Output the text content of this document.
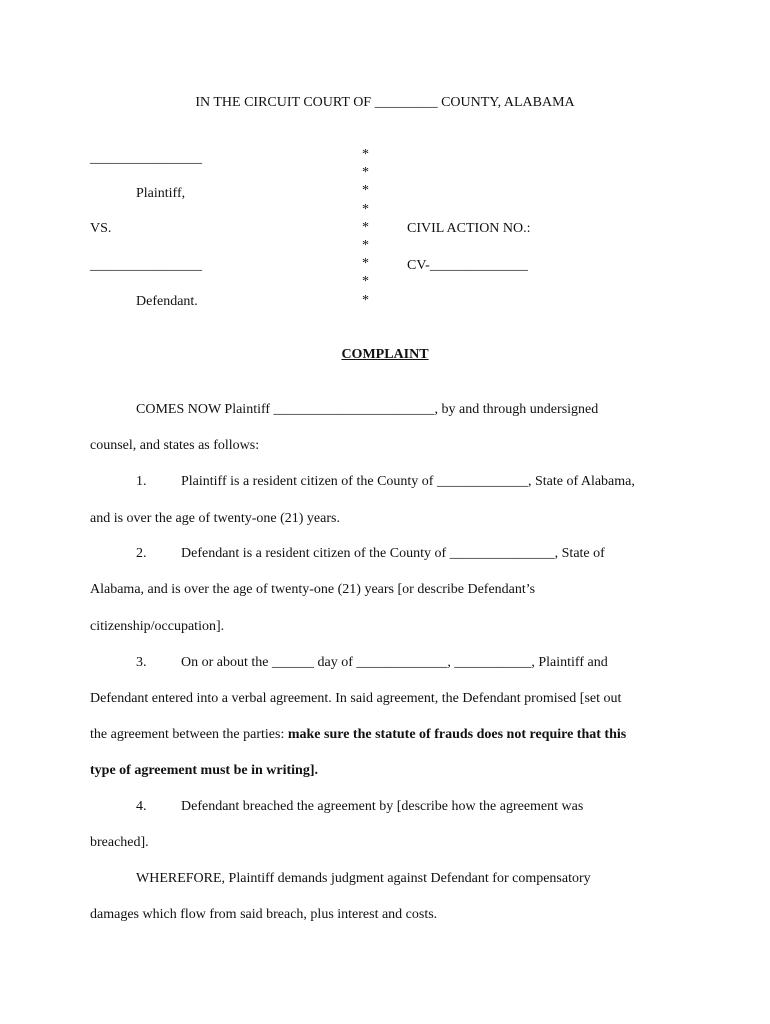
IN THE CIRCUIT COURT OF _________ COUNTY, ALABAMA
________________
Plaintiff,
VS.
________________
Defendant.
*
*
*
*
*
*
*
*
*
CIVIL ACTION NO.:
CV-______________
COMPLAINT
COMES NOW Plaintiff _______________________, by and through undersigned
counsel, and states as follows:
1. Plaintiff is a resident citizen of the County of _____________, State of Alabama,
and is over the age of twenty-one (21) years.
2. Defendant is a resident citizen of the County of _______________, State of
Alabama, and is over the age of twenty-one (21) years [or describe Defendant’s
citizenship/occupation].
3. On or about the ______ day of _____________, ___________, Plaintiff and
Defendant entered into a verbal agreement. In said agreement, the Defendant promised [set out
the agreement between the parties: make sure the statute of frauds does not require that this
type of agreement must be in writing].
4. Defendant breached the agreement by [describe how the agreement was
breached].
WHEREFORE, Plaintiff demands judgment against Defendant for compensatory
damages which flow from said breach, plus interest and costs.
